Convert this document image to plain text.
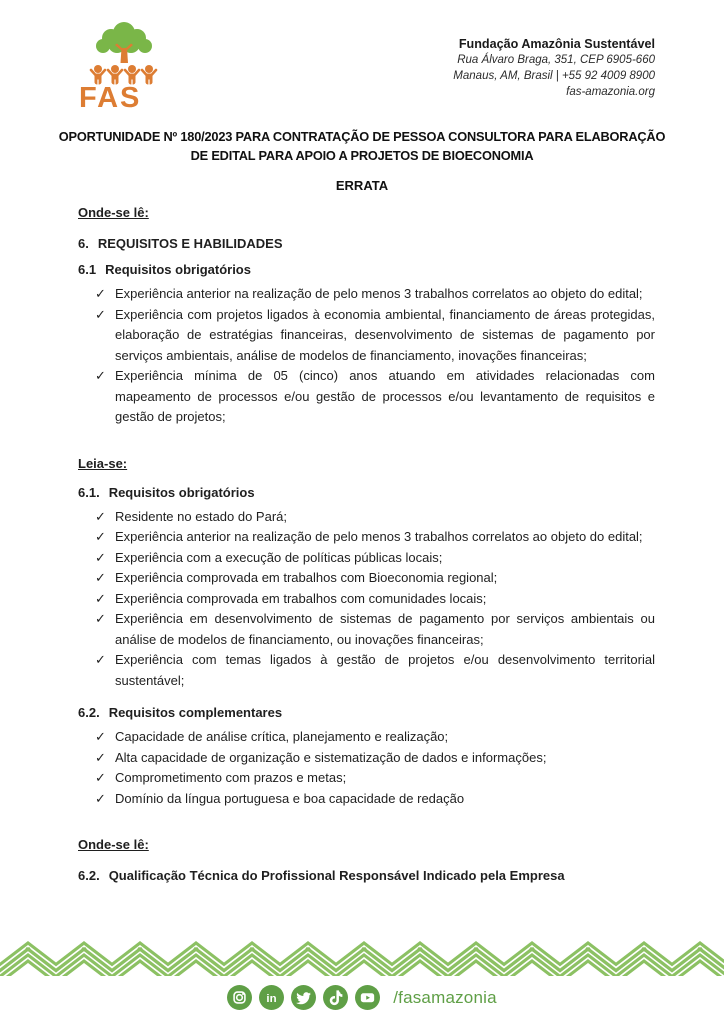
FAS
Fundação Amazônia Sustentável
Rua Álvaro Braga, 351, CEP 6905-660
Manaus, AM, Brasil | +55 92 4009 8900
fas-amazonia.org
OPORTUNIDADE Nº 180/2023 PARA CONTRATAÇÃO DE PESSOA CONSULTORA PARA ELABORAÇÃO
DE EDITAL PARA APOIO A PROJETOS DE BIOECONOMIA
ERRATA
Onde-se lê:
6. REQUISITOS E HABILIDADES
6.1 Requisitos obrigatórios
✓ Experiência anterior na realização de pelo menos 3 trabalhos correlatos ao objeto do edital;
✓ Experiência com projetos ligados à economia ambiental, financiamento de áreas protegidas, elaboração de estratégias financeiras, desenvolvimento de sistemas de pagamento por serviços ambientais, análise de modelos de financiamento, inovações financeiras;
✓ Experiência mínima de 05 (cinco) anos atuando em atividades relacionadas com mapeamento de processos e/ou gestão de processos e/ou levantamento de requisitos e gestão de projetos;
Leia-se:
6.1. Requisitos obrigatórios
✓ Residente no estado do Pará;
✓ Experiência anterior na realização de pelo menos 3 trabalhos correlatos ao objeto do edital;
✓ Experiência com a execução de políticas públicas locais;
✓ Experiência comprovada em trabalhos com Bioeconomia regional;
✓ Experiência comprovada em trabalhos com comunidades locais;
✓ Experiência em desenvolvimento de sistemas de pagamento por serviços ambientais ou análise de modelos de financiamento, ou inovações financeiras;
✓ Experiência com temas ligados à gestão de projetos e/ou desenvolvimento territorial sustentável;
6.2. Requisitos complementares
✓ Capacidade de análise crítica, planejamento e realização;
✓ Alta capacidade de organização e sistematização de dados e informações;
✓ Comprometimento com prazos e metas;
✓ Domínio da língua portuguesa e boa capacidade de redação
Onde-se lê:
6.2. Qualificação Técnica do Profissional Responsável Indicado pela Empresa
in	/fasamazonia
